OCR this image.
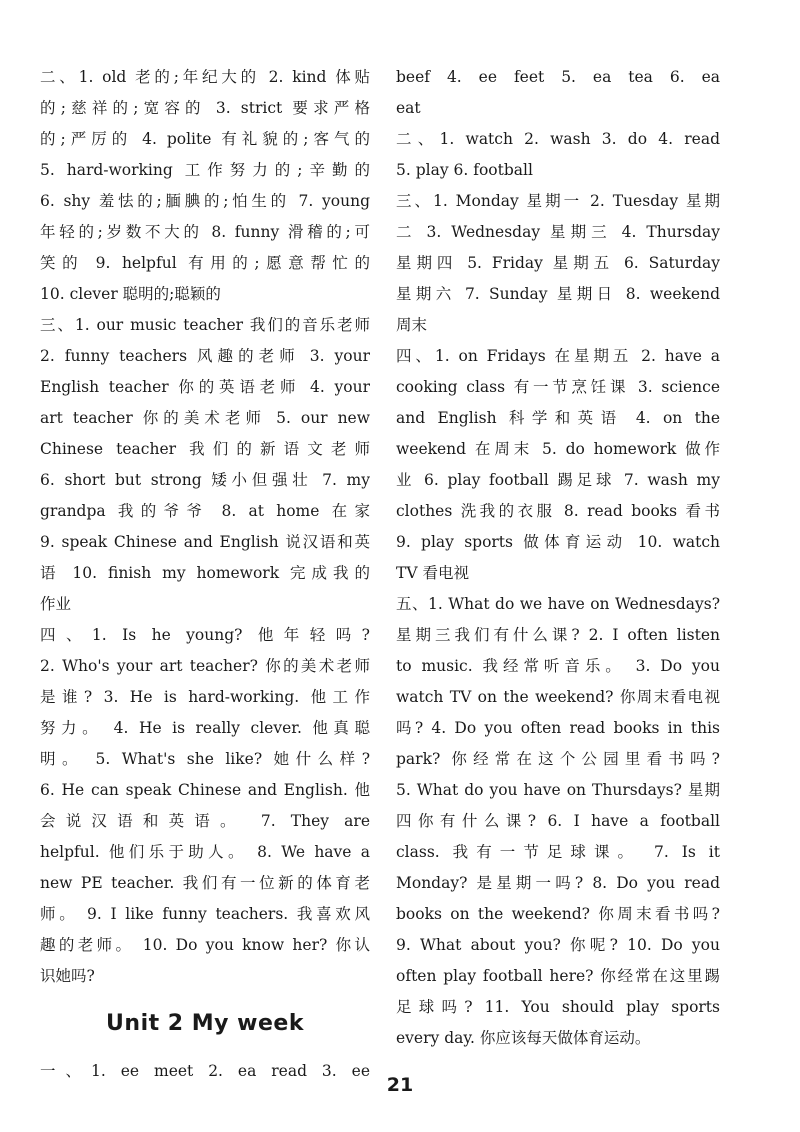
二、1. old 老的;年纪大的 2. kind 体贴
的;慈祥的;宽容的 3. strict 要求严格
的;严厉的 4. polite 有礼貌的;客气的
5. hard-working 工作努力的;辛勤的
6. shy 羞怯的;腼腆的;怕生的 7. young
年轻的;岁数不大的 8. funny 滑稽的;可
笑的 9. helpful 有用的;愿意帮忙的
10. clever 聪明的;聪颖的
三、1. our music teacher 我们的音乐老师
2. funny teachers 风趣的老师 3. your
English teacher 你的英语老师 4. your
art teacher 你的美术老师 5. our new
Chinese teacher 我们的新语文老师
6. short but strong 矮小但强壮 7. my
grandpa 我的爷爷 8. at home 在家
9. speak Chinese and English 说汉语和英
语 10. finish my homework 完成我的
作业
四、1. Is he young? 他年轻吗?
2. Who's your art teacher? 你的美术老师
是谁? 3. He is hard-working. 他工作
努力。 4. He is really clever. 他真聪
明。 5. What's she like? 她什么样?
6. He can speak Chinese and English. 他
会说汉语和英语。 7. They are
helpful. 他们乐于助人。 8. We have a
new PE teacher. 我们有一位新的体育老
师。 9. I like funny teachers. 我喜欢风
趣的老师。 10. Do you know her? 你认
识她吗?
Unit 2 My week
一、1. ee meet 2. ea read 3. ee
beef 4. ee feet 5. ea tea 6. ea
eat
二、1. watch 2. wash 3. do 4. read
5. play 6. football
三、1. Monday 星期一 2. Tuesday 星期
二 3. Wednesday 星期三 4. Thursday
星期四 5. Friday 星期五 6. Saturday
星期六 7. Sunday 星期日 8. weekend
周末
四、1. on Fridays 在星期五 2. have a
cooking class 有一节烹饪课 3. science
and English 科学和英语 4. on the
weekend 在周末 5. do homework 做作
业 6. play football 踢足球 7. wash my
clothes 洗我的衣服 8. read books 看书
9. play sports 做体育运动 10. watch
TV 看电视
五、1. What do we have on Wednesdays?
星期三我们有什么课? 2. I often listen
to music. 我经常听音乐。 3. Do you
watch TV on the weekend? 你周末看电视
吗? 4. Do you often read books in this
park? 你经常在这个公园里看书吗?
5. What do you have on Thursdays? 星期
四你有什么课? 6. I have a football
class. 我有一节足球课。 7. Is it
Monday? 是星期一吗? 8. Do you read
books on the weekend? 你周末看书吗?
9. What about you? 你呢? 10. Do you
often play football here? 你经常在这里踢
足球吗? 11. You should play sports
every day. 你应该每天做体育运动。
21
